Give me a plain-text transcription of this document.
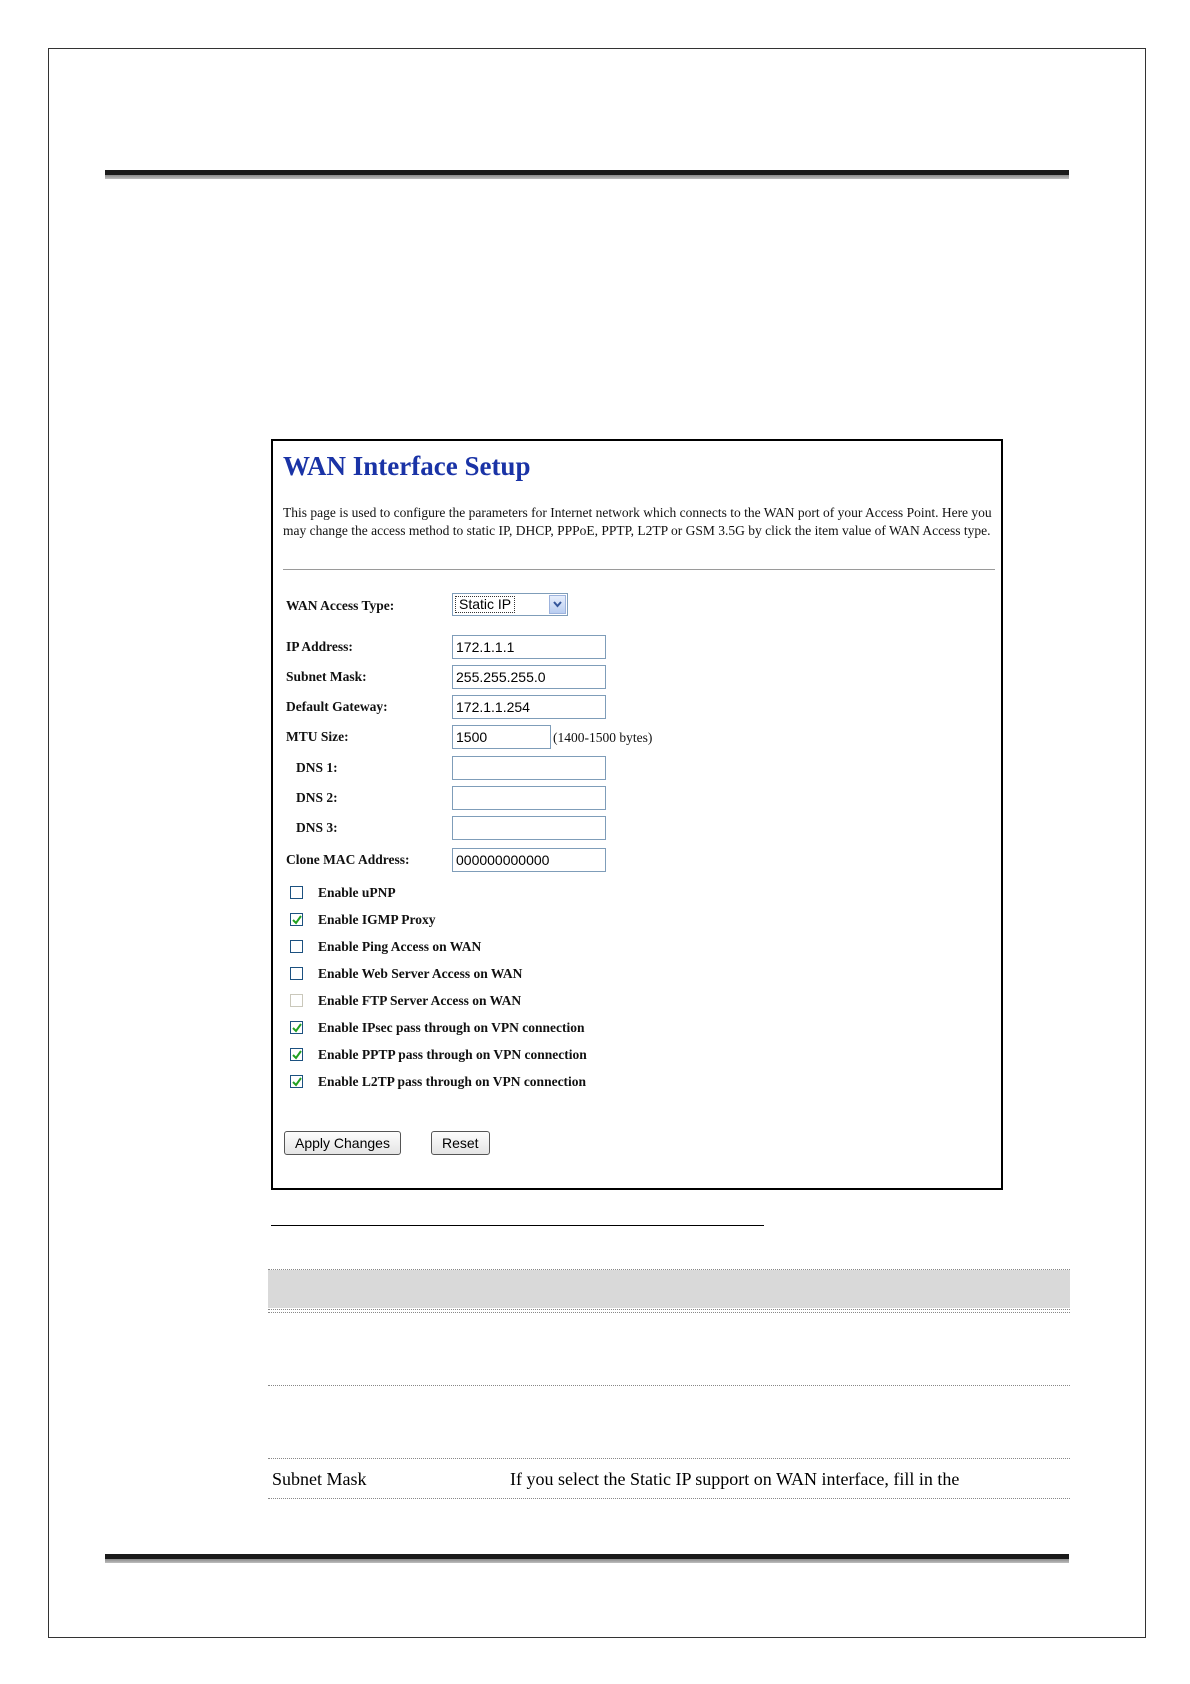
WAN Interface Setup
This page is used to configure the parameters for Internet network which connects to the WAN port of your Access Point. Here you may change the access method to static IP, DHCP, PPPoE, PPTP, L2TP or GSM 3.5G by click the item value of WAN Access type.
WAN Access Type:	Static IP
IP Address:	172.1.1.1
Subnet Mask:	255.255.255.0
Default Gateway:	172.1.1.254
MTU Size:	1500	(1400-1500 bytes)
DNS 1:
DNS 2:
DNS 3:
Clone MAC Address:	000000000000
Enable uPNP
Enable IGMP Proxy
Enable Ping Access on WAN
Enable Web Server Access on WAN
Enable FTP Server Access on WAN
Enable IPsec pass through on VPN connection
Enable PPTP pass through on VPN connection
Enable L2TP pass through on VPN connection
Apply Changes	Reset
Subnet Mask	If you select the Static IP support on WAN interface, fill in the
